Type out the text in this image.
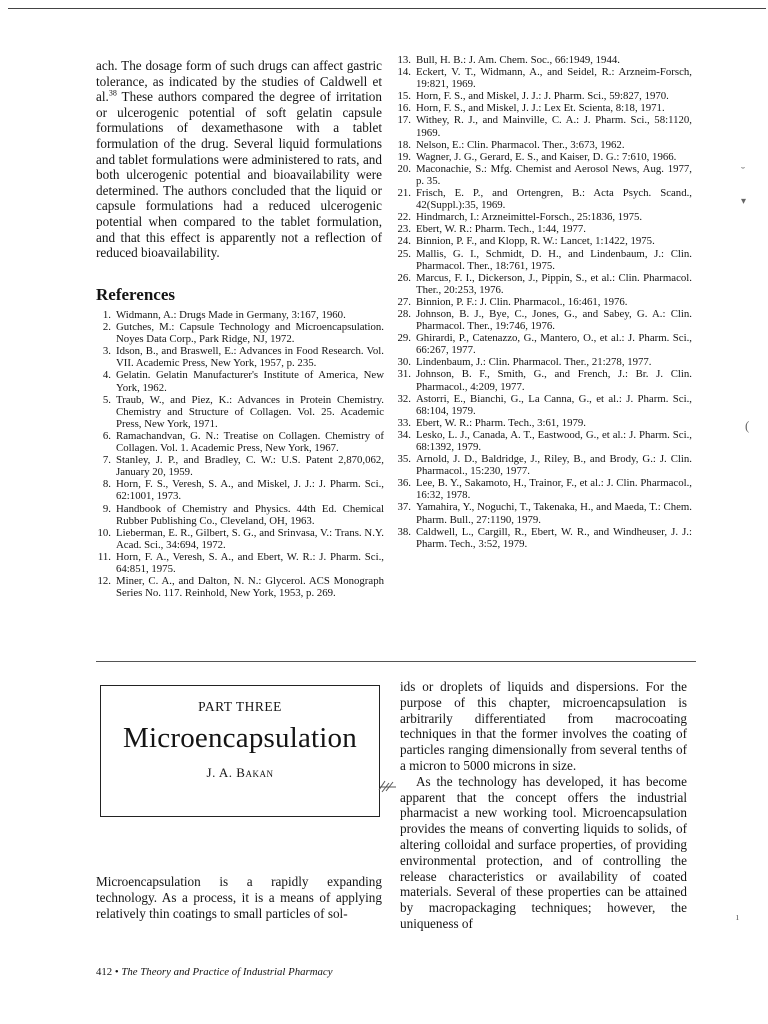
ach. The dosage form of such drugs can affect gastric tolerance, as indicated by the studies of Caldwell et al.$^{38}$ These authors compared the degree of irritation or ulcerogenic potential of soft gelatin capsule formulations of dexamethasone with a tablet formulation of the drug. Several liquid formulations and tablet formulations were administered to rats, and both ulcerogenic potential and bioavailability were determined. The authors concluded that the liquid or capsule formulations had a reduced ulcerogenic potential when compared to the tablet formulation, and that this effect is apparently not a reflection of reduced bioavailability.

References
1. Widmann, A.: Drugs Made in Germany, 3:167, 1960.
2. Gutches, M.: Capsule Technology and Microencapsulation. Noyes Data Corp., Park Ridge, NJ, 1972.
3. Idson, B., and Braswell, E.: Advances in Food Research. Vol. VII. Academic Press, New York, 1957, p. 235.
4. Gelatin. Gelatin Manufacturer's Institute of America, New York, 1962.
5. Traub, W., and Piez, K.: Advances in Protein Chemistry. Chemistry and Structure of Collagen. Vol. 25. Academic Press, New York, 1971.
6. Ramachandvan, G. N.: Treatise on Collagen. Chemistry of Collagen. Vol. 1. Academic Press, New York, 1967.
7. Stanley, J. P., and Bradley, C. W.: U.S. Patent 2,870,062, January 20, 1959.
8. Horn, F. S., Veresh, S. A., and Miskel, J. J.: J. Pharm. Sci., 62:1001, 1973.
9. Handbook of Chemistry and Physics. 44th Ed. Chemical Rubber Publishing Co., Cleveland, OH, 1963.
10. Lieberman, E. R., Gilbert, S. G., and Srinvasa, V.: Trans. N.Y. Acad. Sci., 34:694, 1972.
11. Horn, F. A., Veresh, S. A., and Ebert, W. R.: J. Pharm. Sci., 64:851, 1975.
12. Miner, C. A., and Dalton, N. N.: Glycerol. ACS Monograph Series No. 117. Reinhold, New York, 1953, p. 269.
13. Bull, H. B.: J. Am. Chem. Soc., 66:1949, 1944.
14. Eckert, V. T., Widmann, A., and Seidel, R.: Arzneim-Forsch, 19:821, 1969.
15. Horn, F. S., and Miskel, J. J.: J. Pharm. Sci., 59:827, 1970.
16. Horn, F. S., and Miskel, J. J.: Lex Et. Scienta, 8:18, 1971.
17. Withey, R. J., and Mainville, C. A.: J. Pharm. Sci., 58:1120, 1969.
18. Nelson, E.: Clin. Pharmacol. Ther., 3:673, 1962.
19. Wagner, J. G., Gerard, E. S., and Kaiser, D. G.: 7:610, 1966.
20. Maconachie, S.: Mfg. Chemist and Aerosol News, Aug. 1977, p. 35.
21. Frisch, E. P., and Ortengren, B.: Acta Psych. Scand., 42(Suppl.):35, 1969.
22. Hindmarch, I.: Arzneimittel-Forsch., 25:1836, 1975.
23. Ebert, W. R.: Pharm. Tech., 1:44, 1977.
24. Binnion, P. F., and Klopp, R. W.: Lancet, 1:1422, 1975.
25. Mallis, G. I., Schmidt, D. H., and Lindenbaum, J.: Clin. Pharmacol. Ther., 18:761, 1975.
26. Marcus, F. I., Dickerson, J., Pippin, S., et al.: Clin. Pharmacol. Ther., 20:253, 1976.
27. Binnion, P. F.: J. Clin. Pharmacol., 16:461, 1976.
28. Johnson, B. J., Bye, C., Jones, G., and Sabey, G. A.: Clin. Pharmacol. Ther., 19:746, 1976.
29. Ghirardi, P., Catenazzo, G., Mantero, O., et al.: J. Pharm. Sci., 66:267, 1977.
30. Lindenbaum, J.: Clin. Pharmacol. Ther., 21:278, 1977.
31. Johnson, B. F., Smith, G., and French, J.: Br. J. Clin. Pharmacol., 4:209, 1977.
32. Astorri, E., Bianchi, G., La Canna, G., et al.: J. Pharm. Sci., 68:104, 1979.
33. Ebert, W. R.: Pharm. Tech., 3:61, 1979.
34. Lesko, L. J., Canada, A. T., Eastwood, G., et al.: J. Pharm. Sci., 68:1392, 1979.
35. Arnold, J. D., Baldridge, J., Riley, B., and Brody, G.: J. Clin. Pharmacol., 15:230, 1977.
36. Lee, B. Y., Sakamoto, H., Trainor, F., et al.: J. Clin. Pharmacol., 16:32, 1978.
37. Yamahira, Y., Noguchi, T., Takenaka, H., and Maeda, T.: Chem. Pharm. Bull., 27:1190, 1979.
38. Caldwell, L., Cargill, R., Ebert, W. R., and Windheuser, J. J.: Pharm. Tech., 3:52, 1979.

PART THREE

Microencapsulation

J. A. Bakan

Microencapsulation is a rapidly expanding technology. As a process, it is a means of applying relatively thin coatings to small particles of sol-

ids or droplets of liquids and dispersions. For the purpose of this chapter, microencapsulation is arbitrarily differentiated from macrocoating techniques in that the former involves the coating of particles ranging dimensionally from several tenths of a micron to 5000 microns in size.

As the technology has developed, it has become apparent that the concept offers the industrial pharmacist a new working tool. Microencapsulation provides the means of converting liquids to solids, of altering colloidal and surface properties, of providing environmental protection, and of controlling the release characteristics or availability of coated materials. Several of these properties can be attained by macropackaging techniques; however, the uniqueness of

˘
▾
(
ı

412 • The Theory and Practice of Industrial Pharmacy
